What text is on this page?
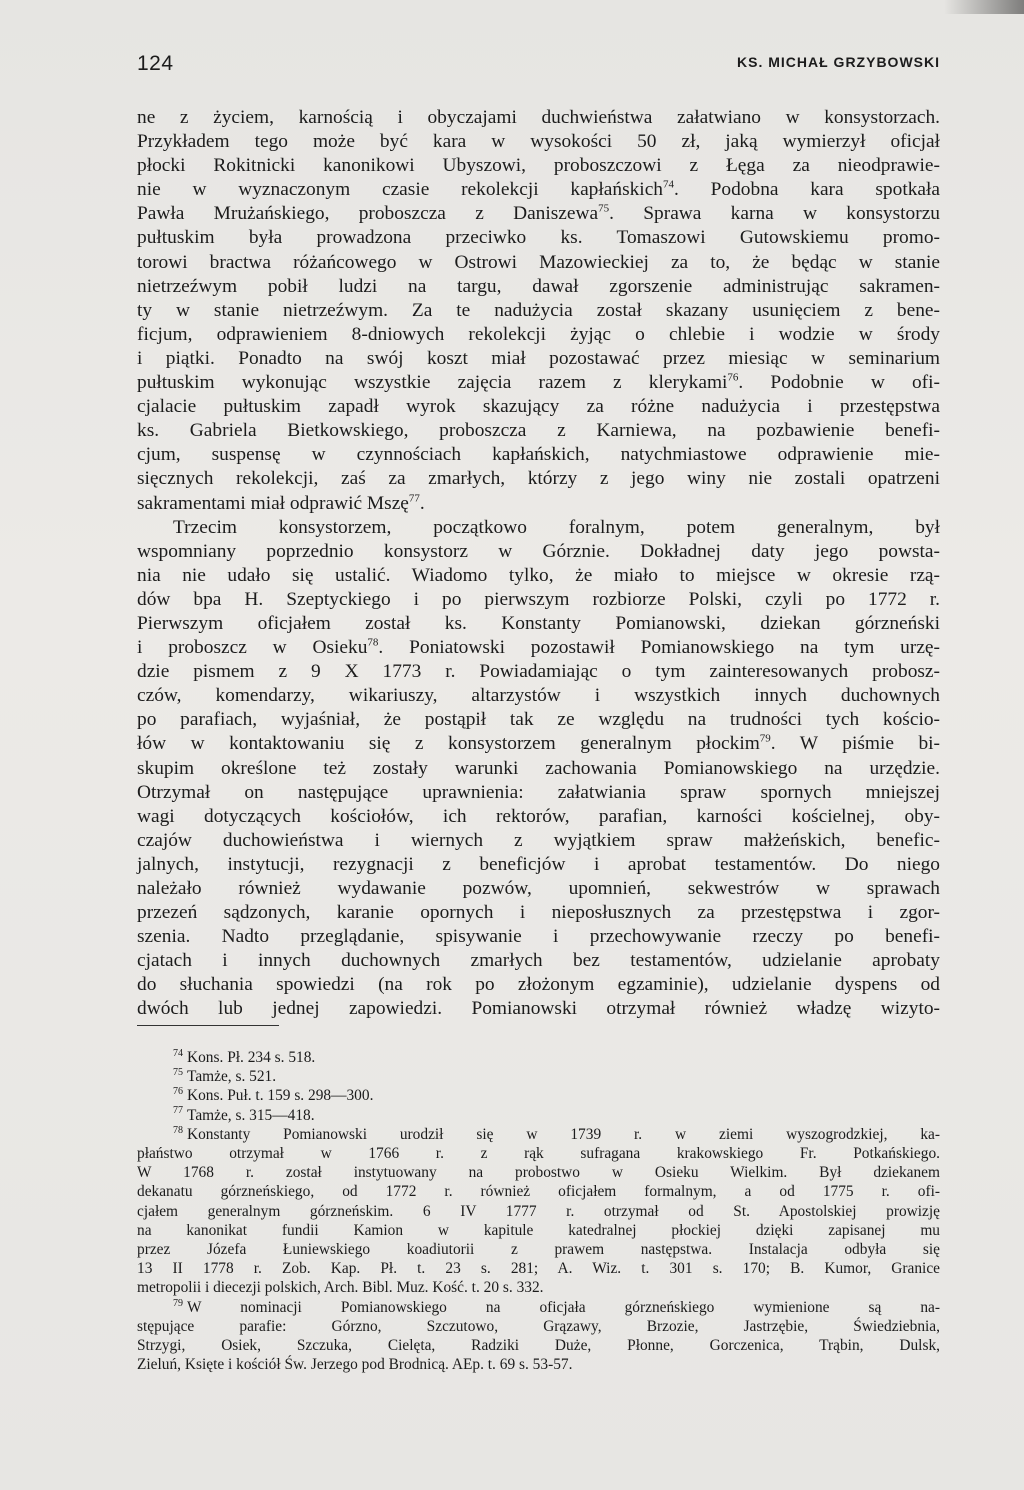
124	KS. MICHAŁ GRZYBOWSKI
ne z życiem, karnością i obyczajami duchwieństwa załatwiano w konsystorzach.
Przykładem tego może być kara w wysokości 50 zł, jaką wymierzył oficjał
płocki Rokitnicki kanonikowi Ubyszowi, proboszczowi z Łęga za nieodprawie-
nie w wyznaczonym czasie rekolekcji kapłańskich$^{74}$. Podobna kara spotkała
Pawła Mrużańskiego, proboszcza z Daniszewa$^{75}$. Sprawa karna w konsystorzu
pułtuskim była prowadzona przeciwko ks. Tomaszowi Gutowskiemu promo-
torowi bractwa różańcowego w Ostrowi Mazowieckiej za to, że będąc w stanie
nietrzeźwym pobił ludzi na targu, dawał zgorszenie administrując sakramen-
ty w stanie nietrzeźwym. Za te nadużycia został skazany usunięciem z bene-
ficjum, odprawieniem 8-dniowych rekolekcji żyjąc o chlebie i wodzie w środy
i piątki. Ponadto na swój koszt miał pozostawać przez miesiąc w seminarium
pułtuskim wykonując wszystkie zajęcia razem z klerykami$^{76}$. Podobnie w ofi-
cjalacie pułtuskim zapadł wyrok skazujący za różne nadużycia i przestępstwa
ks. Gabriela Bietkowskiego, proboszcza z Karniewa, na pozbawienie benefi-
cjum, suspensę w czynnościach kapłańskich, natychmiastowe odprawienie mie-
sięcznych rekolekcji, zaś za zmarłych, którzy z jego winy nie zostali opatrzeni
sakramentami miał odprawić Mszę$^{77}$.
Trzecim konsystorzem, początkowo foralnym, potem generalnym, był
wspomniany poprzednio konsystorz w Górznie. Dokładnej daty jego powsta-
nia nie udało się ustalić. Wiadomo tylko, że miało to miejsce w okresie rzą-
dów bpa H. Szeptyckiego i po pierwszym rozbiorze Polski, czyli po 1772 r.
Pierwszym oficjałem został ks. Konstanty Pomianowski, dziekan górzneński
i proboszcz w Osieku$^{78}$. Poniatowski pozostawił Pomianowskiego na tym urzę-
dzie pismem z 9 X 1773 r. Powiadamiając o tym zainteresowanych probosz-
czów, komendarzy, wikariuszy, altarzystów i wszystkich innych duchownych
po parafiach, wyjaśniał, że postąpił tak ze względu na trudności tych kościo-
łów w kontaktowaniu się z konsystorzem generalnym płockim$^{79}$. W piśmie bi-
skupim określone też zostały warunki zachowania Pomianowskiego na urzędzie.
Otrzymał on następujące uprawnienia: załatwiania spraw spornych mniejszej
wagi dotyczących kościołów, ich rektorów, parafian, karności kościelnej, oby-
czajów duchowieństwa i wiernych z wyjątkiem spraw małżeńskich, benefic-
jalnych, instytucji, rezygnacji z beneficjów i aprobat testamentów. Do niego
należało również wydawanie pozwów, upomnień, sekwestrów w sprawach
przezeń sądzonych, karanie opornych i nieposłusznych za przestępstwa i zgor-
szenia. Nadto przeglądanie, spisywanie i przechowywanie rzeczy po benefi-
cjatach i innych duchownych zmarłych bez testamentów, udzielanie aprobaty
do słuchania spowiedzi (na rok po złożonym egzaminie), udzielanie dyspens od
dwóch lub jednej zapowiedzi. Pomianowski otrzymał również władzę wizyto-
$^{74}$ Kons. Pł. 234 s. 518.
$^{75}$ Tamże, s. 521.
$^{76}$ Kons. Puł. t. 159 s. 298—300.
$^{77}$ Tamże, s. 315—418.
$^{78}$ Konstanty Pomianowski urodził się w 1739 r. w ziemi wyszogrodzkiej, ka-
płaństwo otrzymał w 1766 r. z rąk sufragana krakowskiego Fr. Potkańskiego.
W 1768 r. został instytuowany na probostwo w Osieku Wielkim. Był dziekanem
dekanatu górzneńskiego, od 1772 r. również oficjałem formalnym, a od 1775 r. ofi-
cjałem generalnym górzneńskim. 6 IV 1777 r. otrzymał od St. Apostolskiej prowizję
na kanonikat fundii Kamion w kapitule katedralnej płockiej dzięki zapisanej mu
przez Józefa Łuniewskiego koadiutorii z prawem następstwa. Instalacja odbyła się
13 II 1778 r. Zob. Kap. Pł. t. 23 s. 281; A. Wiz. t. 301 s. 170; B. Kumor, Granice
metropolii i diecezji polskich, Arch. Bibl. Muz. Kość. t. 20 s. 332.
$^{79}$ W nominacji Pomianowskiego na oficjała górzneńskiego wymienione są na-
stępujące parafie: Górzno, Szczutowo, Grązawy, Brzozie, Jastrzębie, Świedziebnia,
Strzygi, Osiek, Szczuka, Cielęta, Radziki Duże, Płonne, Gorczenica, Trąbin, Dulsk,
Zieluń, Księte i kościół Św. Jerzego pod Brodnicą. AEp. t. 69 s. 53-57.
